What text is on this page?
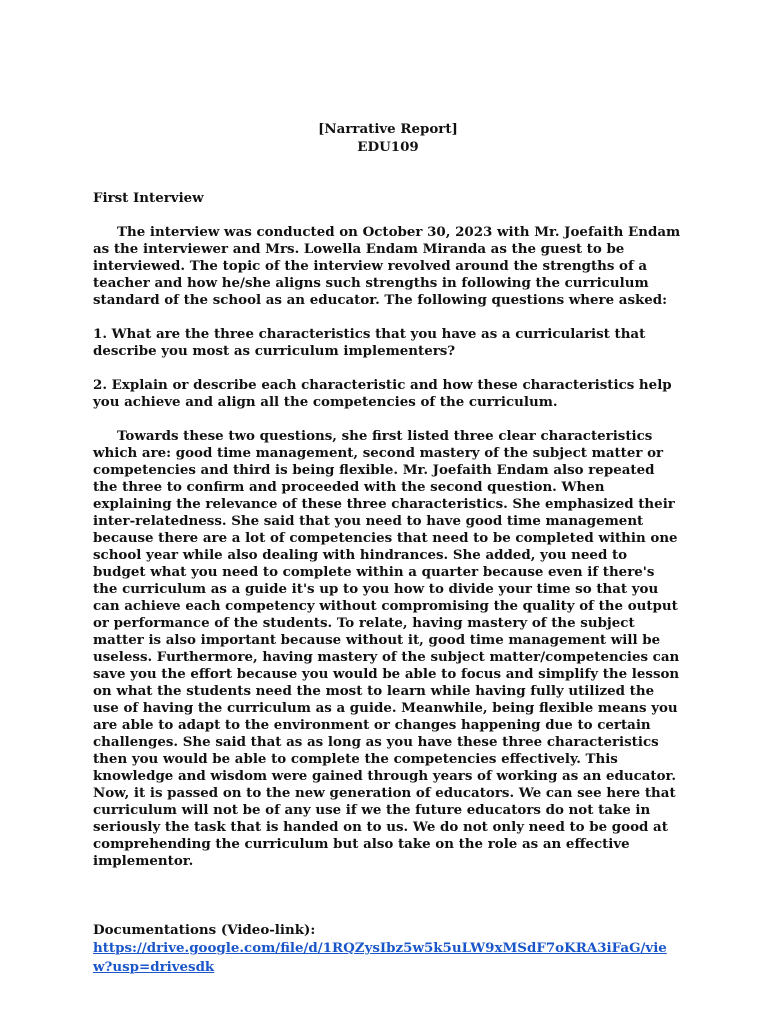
[Narrative Report]
EDU109
First Interview

The interview was conducted on October 30, 2023 with Mr. Joefaith Endam as the interviewer and Mrs. Lowella Endam Miranda as the guest to be interviewed. The topic of the interview revolved around the strengths of a teacher and how he/she aligns such strengths in following the curriculum standard of the school as an educator. The following questions where asked:

1. What are the three characteristics that you have as a curricularist that describe you most as curriculum implementers?

2. Explain or describe each characteristic and how these characteristics help you achieve and align all the competencies of the curriculum.

Towards these two questions, she first listed three clear characteristics which are: good time management, second mastery of the subject matter or competencies and third is being flexible. Mr. Joefaith Endam also repeated the three to confirm and proceeded with the second question. When explaining the relevance of these three characteristics. She emphasized their inter-relatedness. She said that you need to have good time management because there are a lot of competencies that need to be completed within one school year while also dealing with hindrances. She added, you need to budget what you need to complete within a quarter because even if there's the curriculum as a guide it's up to you how to divide your time so that you can achieve each competency without compromising the quality of the output or performance of the students. To relate, having mastery of the subject matter is also important because without it, good time management will be useless. Furthermore, having mastery of the subject matter/competencies can save you the effort because you would be able to focus and simplify the lesson on what the students need the most to learn while having fully utilized the use of having the curriculum as a guide. Meanwhile, being flexible means you are able to adapt to the environment or changes happening due to certain challenges. She said that as as long as you have these three characteristics then you would be able to complete the competencies effectively. This knowledge and wisdom were gained through years of working as an educator. Now, it is passed on to the new generation of educators. We can see here that curriculum will not be of any use if we the future educators do not take in seriously the task that is handed on to us. We do not only need to be good at comprehending the curriculum but also take on the role as an effective implementor.

Documentations (Video-link):
https://drive.google.com/file/d/1RQZysIbz5w5k5uLW9xMSdF7oKRA3iFaG/view?usp=drivesdk
